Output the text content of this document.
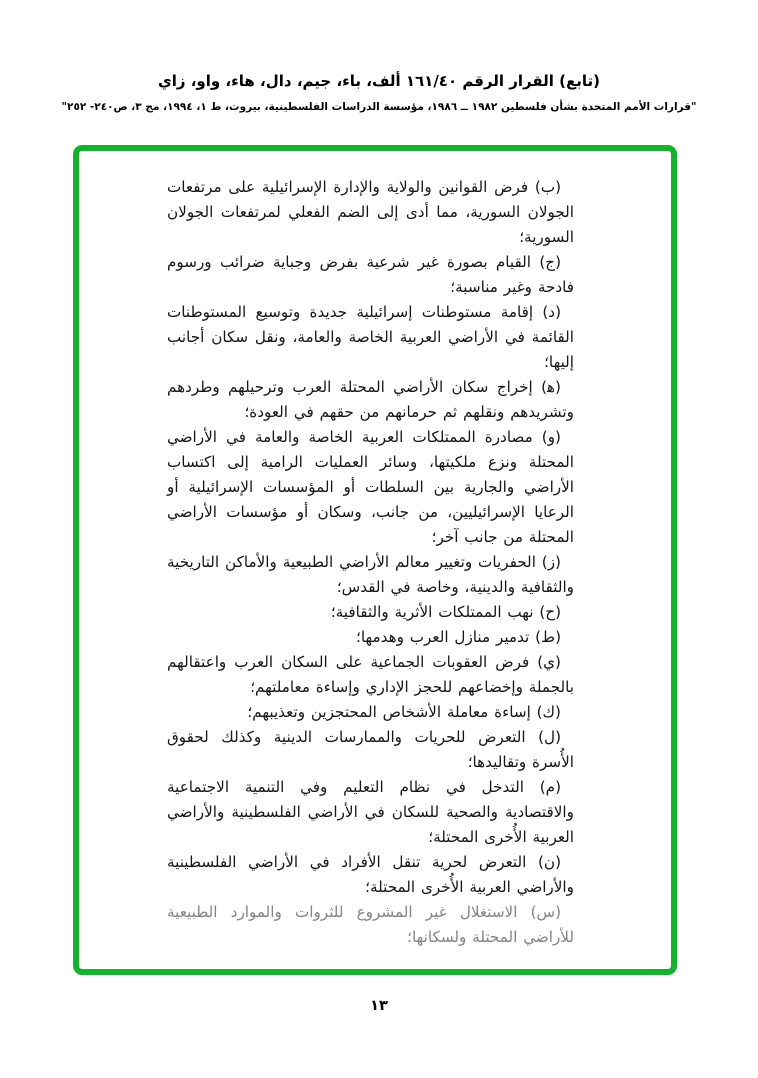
(تابع) القرار الرقم ١٦١/٤٠ ألف، باء، جيم، دال، هاء، واو، زاي
"قرارات الأمم المتحدة بشأن فلسطين ١٩٨٢ ــ ١٩٨٦، مؤسسة الدراسات الفلسطينية، بيروت، ط ١، ١٩٩٤، مج ٣، ص٢٤٠- ٢٥٢"

(ب) فرض القوانين والولاية والإدارة الإسرائيلية على مرتفعات الجولان السورية، مما أدى إلى الضم الفعلي لمرتفعات الجولان السورية؛

(ج) القيام بصورة غير شرعية بفرض وجباية ضرائب ورسوم فادحة وغير مناسبة؛

(د) إقامة مستوطنات إسرائيلية جديدة وتوسيع المستوطنات القائمة في الأراضي العربية الخاصة والعامة، ونقل سكان أجانب إليها؛

(ه‍) إخراج سكان الأراضي المحتلة العرب وترحيلهم وطردهم وتشريدهم ونقلهم ثم حرمانهم من حقهم في العودة؛

(و) مصادرة الممتلكات العربية الخاصة والعامة في الأراضي المحتلة ونزع ملكيتها، وسائر العمليات الرامية إلى اكتساب الأراضي والجارية بين السلطات أو المؤسسات الإسرائيلية أو الرعايا الإسرائيليين، من جانب، وسكان أو مؤسسات الأراضي المحتلة من جانب آخر؛

(ز) الحفريات وتغيير معالم الأراضي الطبيعية والأماكن التاريخية والثقافية والدينية، وخاصة في القدس؛

(ح) نهب الممتلكات الأثرية والثقافية؛

(ط) تدمير منازل العرب وهدمها؛

(ي) فرض العقوبات الجماعية على السكان العرب واعتقالهم بالجملة وإخضاعهم للحجز الإداري وإساءة معاملتهم؛

(ك) إساءة معاملة الأشخاص المحتجزين وتعذيبهم؛

(ل) التعرض للحريات والممارسات الدينية وكذلك لحقوق الأُسرة وتقاليدها؛

(م) التدخل في نظام التعليم وفي التنمية الاجتماعية والاقتصادية والصحية للسكان في الأراضي الفلسطينية والأراضي العربية الأُخرى المحتلة؛

(ن) التعرض لحرية تنقل الأفراد في الأراضي الفلسطينية والأراضي العربية الأُخرى المحتلة؛

(س) الاستغلال غير المشروع للثروات والموارد الطبيعية للأراضي المحتلة ولسكانها؛

١٣
